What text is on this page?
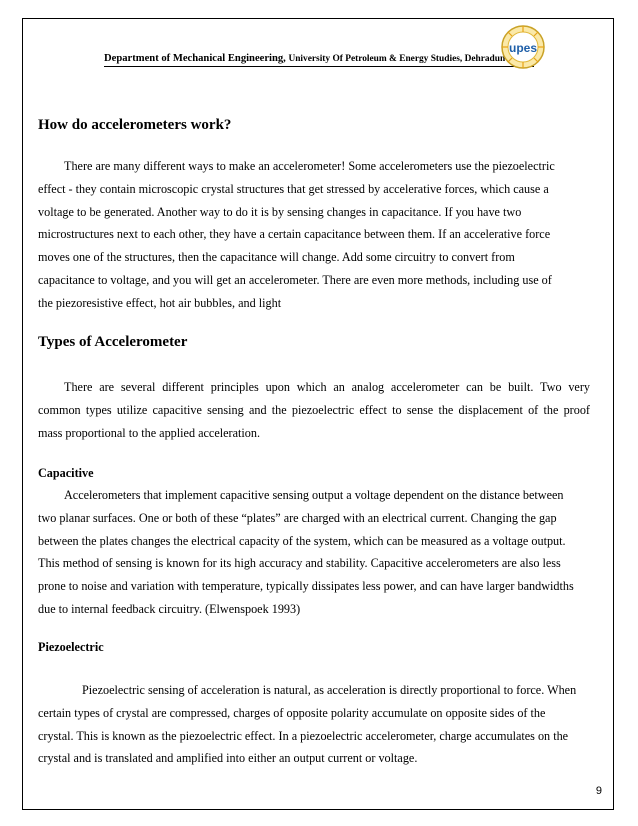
Department of Mechanical Engineering, University Of Petroleum & Energy Studies, Dehradun
upes
How do accelerometers work?
There are many different ways to make an accelerometer! Some accelerometers use the piezoelectric
effect - they contain microscopic crystal structures that get stressed by accelerative forces, which cause a
voltage to be generated. Another way to do it is by sensing changes in capacitance. If you have two
microstructures next to each other, they have a certain capacitance between them. If an accelerative force
moves one of the structures, then the capacitance will change. Add some circuitry to convert from
capacitance to voltage, and you will get an accelerometer. There are even more methods, including use of
the piezoresistive effect, hot air bubbles, and light
Types of Accelerometer
There are several different principles upon which an analog accelerometer can be built. Two very
common types utilize capacitive sensing and the piezoelectric effect to sense the displacement of the proof
mass proportional to the applied acceleration.
Capacitive
Accelerometers that implement capacitive sensing output a voltage dependent on the distance between
two planar surfaces. One or both of these “plates” are charged with an electrical current. Changing the gap
between the plates changes the electrical capacity of the system, which can be measured as a voltage output.
This method of sensing is known for its high accuracy and stability. Capacitive accelerometers are also less
prone to noise and variation with temperature, typically dissipates less power, and can have larger bandwidths
due to internal feedback circuitry. (Elwenspoek 1993)
Piezoelectric
Piezoelectric sensing of acceleration is natural, as acceleration is directly proportional to force. When
certain types of crystal are compressed, charges of opposite polarity accumulate on opposite sides of the
crystal. This is known as the piezoelectric effect. In a piezoelectric accelerometer, charge accumulates on the
crystal and is translated and amplified into either an output current or voltage.
9
